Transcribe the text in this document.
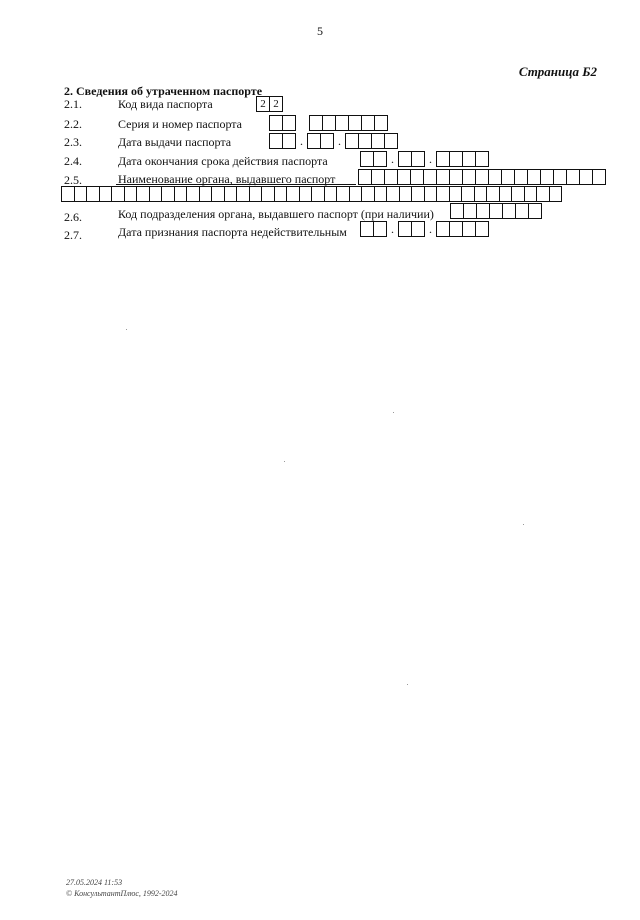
5
Страница Б2
2. Сведения об утраченном паспорте
2.1.	Код вида паспорта	2 2
2.2.	Серия и номер паспорта
2.3.	Дата выдачи паспорта	.	.
2.4.	Дата окончания срока действия паспорта	.	.
2.5.	Наименование органа, выдавшего паспорт
2.6.	Код подразделения органа, выдавшего паспорт (при наличии)
2.7.	Дата признания паспорта недействительным	.	.
27.05.2024 11:53
© КонсультантПлюс, 1992-2024
